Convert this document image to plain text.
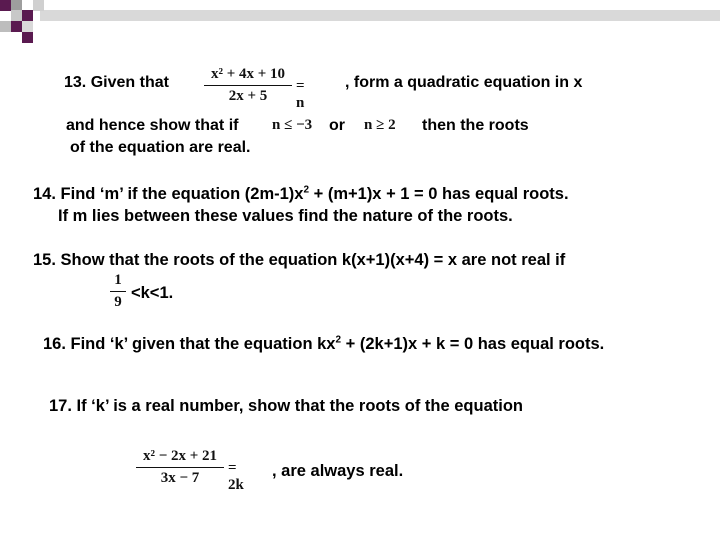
13. Given that	x² + 4x + 10
2x + 5
= n
, form a quadratic equation in x
and hence show that if n ≤ −3 or n ≥ 2 then the roots
of the equation are real.
14. Find ‘m’ if the equation $(2m-1)x^2 + (m+1)x + 1 = 0$ has equal roots.
If m lies between these values find the nature of the roots.
15. Show that the roots of the equation k(x+1)(x+4) = x are not real if
1
9 <k<1.
16. Find ‘k’ given that the equation $kx^2 + (2k+1)x + k = 0$ has equal roots.
17. If ‘k’ is a real number, show that the roots of the equation
x² − 2x + 21
3x − 7
= 2k
, are always real.
